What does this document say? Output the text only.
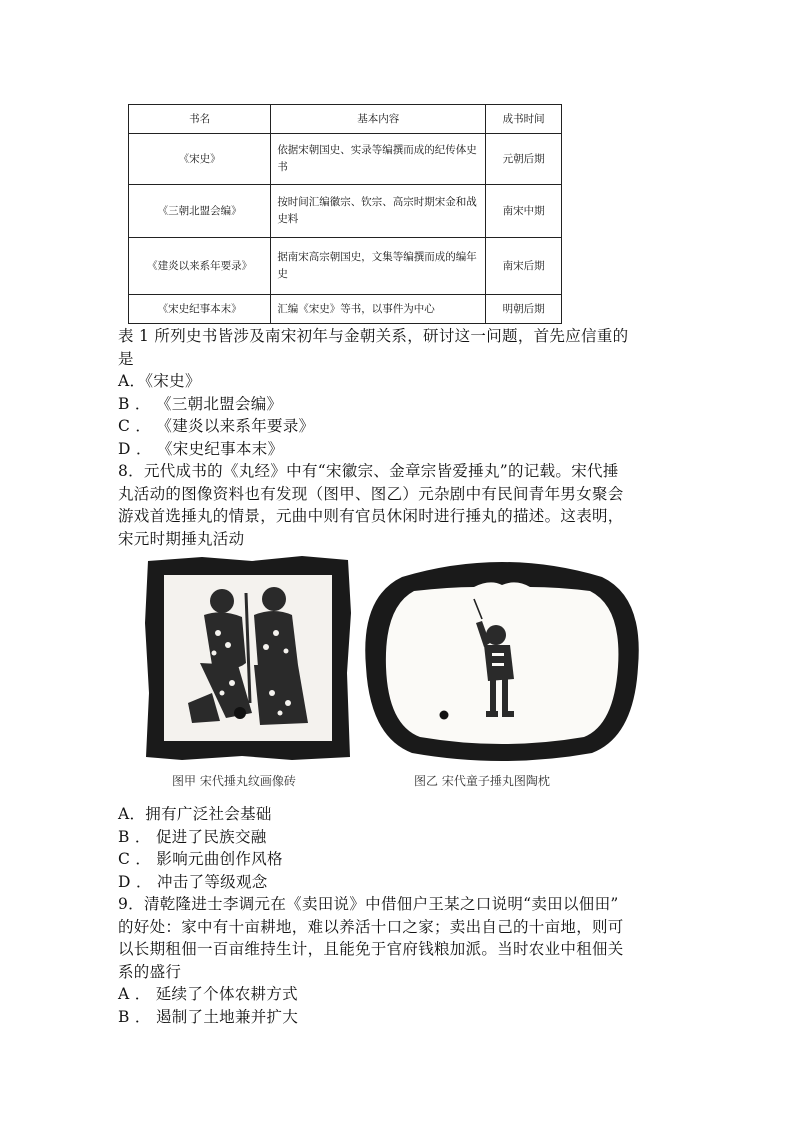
书名	基本内容	成书时间
《宋史》	依据宋朝国史、实录等编撰而成的纪传体史书	元朝后期
《三朝北盟会编》	按时间汇编徽宗、钦宗、高宗时期宋金和战史料	南宋中期
《建炎以来系年要录》	据南宋高宗朝国史，文集等编撰而成的编年史	南宋后期
《宋史纪事本末》	汇编《宋史》等书，以事件为中心	明朝后期
表 1 所列史书皆涉及南宋初年与金朝关系，研讨这一问题，首先应信重的
是
A．《宋史》
B ． 《三朝北盟会编》
C ． 《建炎以来系年要录》
D ． 《宋史纪事本末》
8．元代成书的《丸经》中有“宋徽宗、金章宗皆爱捶丸”的记载。宋代捶
丸活动的图像资料也有发现（图甲、图乙）元杂剧中有民间青年男女聚会
游戏首选捶丸的情景，元曲中则有官员休闲时进行捶丸的描述。这表明，
宋元时期捶丸活动
图甲 宋代捶丸纹画像砖	图乙 宋代童子捶丸图陶枕
A．拥有广泛社会基础
B ． 促进了民族交融
C ． 影响元曲创作风格
D ． 冲击了等级观念
9．清乾隆进士李调元在《卖田说》中借佃户王某之口说明“卖田以佃田”
的好处：家中有十亩耕地，难以养活十口之家；卖出自己的十亩地，则可
以长期租佃一百亩维持生计，且能免于官府钱粮加派。当时农业中租佃关
系的盛行
A ． 延续了个体农耕方式
B ． 遏制了土地兼并扩大
